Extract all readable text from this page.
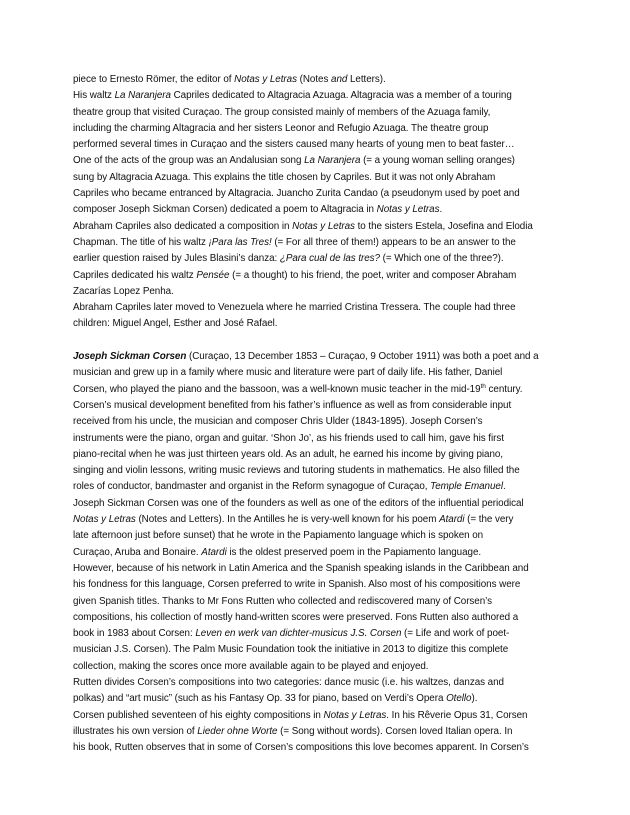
piece to Ernesto Römer, the editor of Notas y Letras (Notes and Letters).
His waltz La Naranjera Capriles dedicated to Altagracia Azuaga. Altagracia was a member of a touring
theatre group that visited Curaçao. The group consisted mainly of members of the Azuaga family,
including the charming Altagracia and her sisters Leonor and Refugio Azuaga. The theatre group
performed several times in Curaçao and the sisters caused many hearts of young men to beat faster…
One of the acts of the group was an Andalusian song La Naranjera (= a young woman selling oranges)
sung by Altagracia Azuaga. This explains the title chosen by Capriles. But it was not only Abraham
Capriles who became entranced by Altagracia. Juancho Zurita Candao (a pseudonym used by poet and
composer Joseph Sickman Corsen) dedicated a poem to Altagracia in Notas y Letras.
Abraham Capriles also dedicated a composition in Notas y Letras to the sisters Estela, Josefina and Elodia
Chapman. The title of his waltz ¡Para las Tres! (= For all three of them!) appears to be an answer to the
earlier question raised by Jules Blasini’s danza: ¿Para cual de las tres? (= Which one of the three?).
Capriles dedicated his waltz Pensée (= a thought) to his friend, the poet, writer and composer Abraham
Zacarías Lopez Penha.
Abraham Capriles later moved to Venezuela where he married Cristina Tressera. The couple had three
children: Miguel Angel, Esther and José Rafael.
Joseph Sickman Corsen (Curaçao, 13 December 1853 – Curaçao, 9 October 1911) was both a poet and a
musician and grew up in a family where music and literature were part of daily life. His father, Daniel
Corsen, who played the piano and the bassoon, was a well-known music teacher in the mid-19th century.
Corsen’s musical development benefited from his father’s influence as well as from considerable input
received from his uncle, the musician and composer Chris Ulder (1843-1895). Joseph Corsen’s
instruments were the piano, organ and guitar. ‘Shon Jo’, as his friends used to call him, gave his first
piano-recital when he was just thirteen years old. As an adult, he earned his income by giving piano,
singing and violin lessons, writing music reviews and tutoring students in mathematics. He also filled the
roles of conductor, bandmaster and organist in the Reform synagogue of Curaçao, Temple Emanuel.
Joseph Sickman Corsen was one of the founders as well as one of the editors of the influential periodical
Notas y Letras (Notes and Letters). In the Antilles he is very-well known for his poem Atardi (= the very
late afternoon just before sunset) that he wrote in the Papiamento language which is spoken on
Curaçao, Aruba and Bonaire. Atardi is the oldest preserved poem in the Papiamento language.
However, because of his network in Latin America and the Spanish speaking islands in the Caribbean and
his fondness for this language, Corsen preferred to write in Spanish. Also most of his compositions were
given Spanish titles. Thanks to Mr Fons Rutten who collected and rediscovered many of Corsen’s
compositions, his collection of mostly hand-written scores were preserved. Fons Rutten also authored a
book in 1983 about Corsen: Leven en werk van dichter-musicus J.S. Corsen (= Life and work of poet-
musician J.S. Corsen). The Palm Music Foundation took the initiative in 2013 to digitize this complete
collection, making the scores once more available again to be played and enjoyed.
Rutten divides Corsen’s compositions into two categories: dance music (i.e. his waltzes, danzas and
polkas) and “art music” (such as his Fantasy Op. 33 for piano, based on Verdi’s Opera Otello).
Corsen published seventeen of his eighty compositions in Notas y Letras. In his Rêverie Opus 31, Corsen
illustrates his own version of Lieder ohne Worte (= Song without words). Corsen loved Italian opera. In
his book, Rutten observes that in some of Corsen’s compositions this love becomes apparent. In Corsen’s
